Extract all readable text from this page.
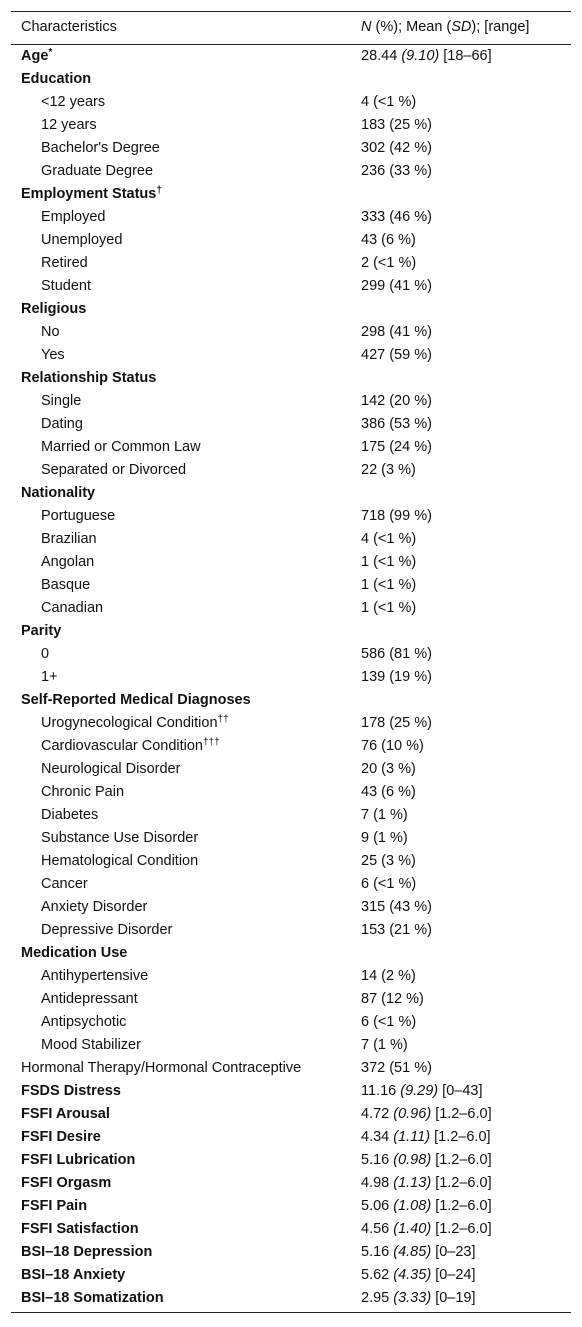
Characteristics	N (%); Mean (SD); [range]
Age*	28.44 (9.10) [18–66]
Education	
<12 years	4 (<1 %)
12 years	183 (25 %)
Bachelor's Degree	302 (42 %)
Graduate Degree	236 (33 %)
Employment Status†	
Employed	333 (46 %)
Unemployed	43 (6 %)
Retired	2 (<1 %)
Student	299 (41 %)
Religious	
No	298 (41 %)
Yes	427 (59 %)
Relationship Status	
Single	142 (20 %)
Dating	386 (53 %)
Married or Common Law	175 (24 %)
Separated or Divorced	22 (3 %)
Nationality	
Portuguese	718 (99 %)
Brazilian	4 (<1 %)
Angolan	1 (<1 %)
Basque	1 (<1 %)
Canadian	1 (<1 %)
Parity	
0	586 (81 %)
1+	139 (19 %)
Self-Reported Medical Diagnoses	
Urogynecological Condition††	178 (25 %)
Cardiovascular Condition†††	76 (10 %)
Neurological Disorder	20 (3 %)
Chronic Pain	43 (6 %)
Diabetes	7 (1 %)
Substance Use Disorder	9 (1 %)
Hematological Condition	25 (3 %)
Cancer	6 (<1 %)
Anxiety Disorder	315 (43 %)
Depressive Disorder	153 (21 %)
Medication Use	
Antihypertensive	14 (2 %)
Antidepressant	87 (12 %)
Antipsychotic	6 (<1 %)
Mood Stabilizer	7 (1 %)
Hormonal Therapy/Hormonal Contraceptive	372 (51 %)
FSDS Distress	11.16 (9.29) [0–43]
FSFI Arousal	4.72 (0.96) [1.2–6.0]
FSFI Desire	4.34 (1.11) [1.2–6.0]
FSFI Lubrication	5.16 (0.98) [1.2–6.0]
FSFI Orgasm	4.98 (1.13) [1.2–6.0]
FSFI Pain	5.06 (1.08) [1.2–6.0]
FSFI Satisfaction	4.56 (1.40) [1.2–6.0]
BSI–18 Depression	5.16 (4.85) [0–23]
BSI–18 Anxiety	5.62 (4.35) [0–24]
BSI–18 Somatization	2.95 (3.33) [0–19]
